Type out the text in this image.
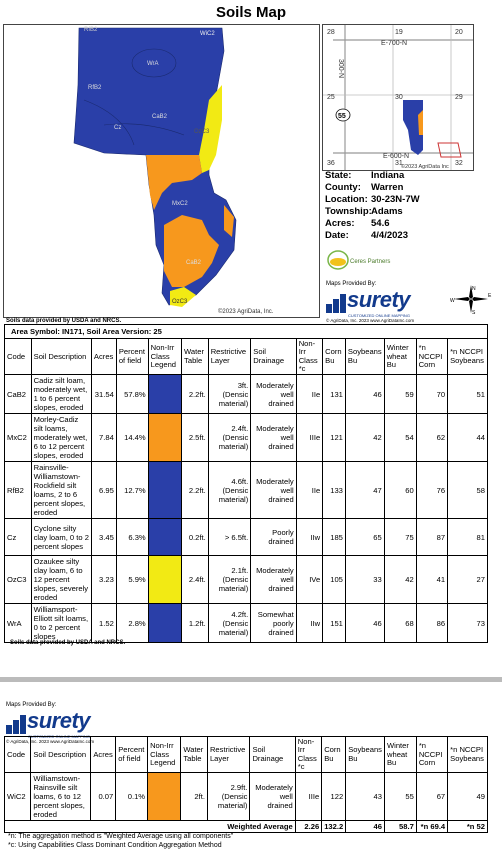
Soils Map
RfB2
WiC2
WrA
RfB2
Cz
CaB2
OzC3
MxC2
CaB2
OzC3
©2023 AgriData, Inc.
Soils data provided by USDA and NRCS.
28	19	20
E-700-N
300-N
25	30	29
55
36	31	32
E-600-N
©2023 AgriData Inc
State:	Indiana
County:	Warren
Location: 30-23N-7W
Township: Adams
Acres:	54.6
Date:	4/4/2023
Ceres Partners
Maps Provided By:
surety
CUSTOMIZED ONLINE MAPPING
© AgriData, Inc. 2023 www.AgriDataInc.com
N
W
E
S
Area Symbol: IN171, Soil Area Version: 25													
Code	Soil Description	Acres	Percent of field	Non-Irr Class Legend	Water Table	Restrictive Layer	Soil Drainage	Non-Irr Class *c	Corn Bu	Soybeans Bu	Winter wheat Bu	*n NCCPI Corn	*n NCCPI Soybeans
CaB2	Cadiz silt loam, moderately wet, 1 to 6 percent slopes, eroded	31.54	57.8%		2.2ft.	3ft. (Densic material)	Moderately well drained	IIe	131	46	59	70	51
MxC2	Morley-Cadiz silt loams, moderately wet, 6 to 12 percent slopes, eroded	7.84	14.4%		2.5ft.	2.4ft. (Densic material)	Moderately well drained	IIIe	121	42	54	62	44
RfB2	Rainsville-Williamstown-Rockfield silt loams, 2 to 6 percent slopes, eroded	6.95	12.7%		2.2ft.	4.6ft. (Densic material)	Moderately well drained	IIe	133	47	60	76	58
Cz	Cyclone silty clay loam, 0 to 2 percent slopes	3.45	6.3%		0.2ft.	> 6.5ft.	Poorly drained	IIw	185	65	75	87	81
OzC3	Ozaukee silty clay loam, 6 to 12 percent slopes, severely eroded	3.23	5.9%		2.4ft.	2.1ft. (Densic material)	Moderately well drained	IVe	105	33	42	41	27
WrA	Williamsport-Elliott silt loams, 0 to 2 percent slopes	1.52	2.8%		1.2ft.	4.2ft. (Densic material)	Somewhat poorly drained	IIw	151	46	68	86	73
Soils data provided by USDA and NRCS.
Maps Provided By:
surety
CUSTOMIZED ONLINE MAPPING
© AgriData, Inc. 2023 www.AgriDataInc.com
Code	Soil Description	Acres	Percent of field	Non-Irr Class Legend	Water Table	Restrictive Layer	Soil Drainage	Non-Irr Class *c	Corn Bu	Soybeans Bu	Winter wheat Bu	*n NCCPI Corn	*n NCCPI Soybeans
WiC2	Williamstown-Rainsville silt loams, 6 to 12 percent slopes, eroded	0.07	0.1%		2ft.	2.9ft. (Densic material)	Moderately well drained	IIIe	122	43	55	67	49
Weighted Average								2.26	132.2	46	58.7	*n 69.4	*n 52
*n: The aggregation method is "Weighted Average using all components"
*c: Using Capabilities Class Dominant Condition Aggregation Method
